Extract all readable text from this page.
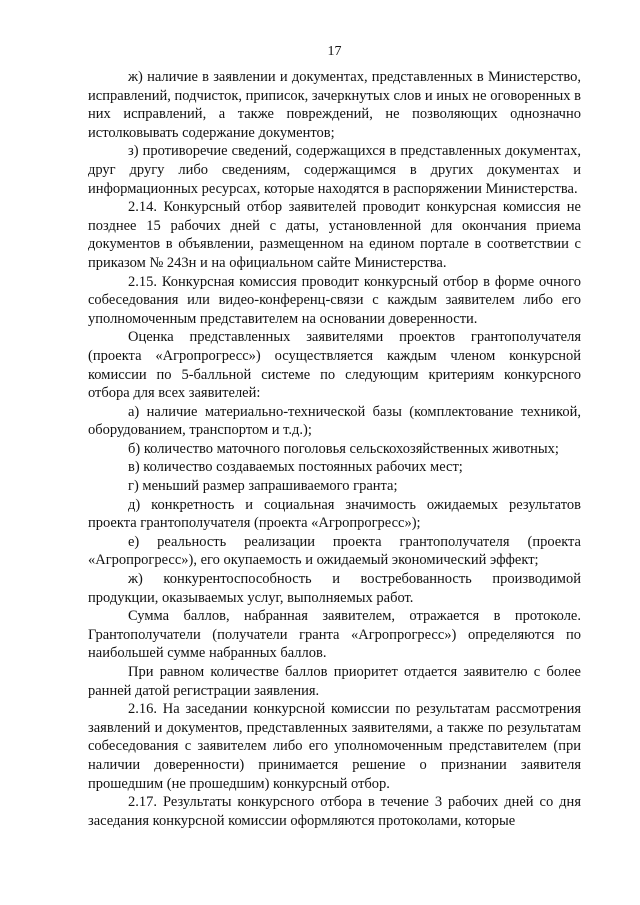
17

ж) наличие в заявлении и документах, представленных в Министерство, исправлений, подчисток, приписок, зачеркнутых слов и иных не оговоренных в них исправлений, а также повреждений, не позволяющих однозначно истолковывать содержание документов;

з) противоречие сведений, содержащихся в представленных документах, друг другу либо сведениям, содержащимся в других документах и информационных ресурсах, которые находятся в распоряжении Министерства.

2.14. Конкурсный отбор заявителей проводит конкурсная комиссия не позднее 15 рабочих дней с даты, установленной для окончания приема документов в объявлении, размещенном на едином портале в соответствии с приказом № 243н и на официальном сайте Министерства.

2.15. Конкурсная комиссия проводит конкурсный отбор в форме очного собеседования или видео-конференц-связи с каждым заявителем либо его уполномоченным представителем на основании доверенности.

Оценка представленных заявителями проектов грантополучателя (проекта «Агропрогресс») осуществляется каждым членом конкурсной комиссии по 5-балльной системе по следующим критериям конкурсного отбора для всех заявителей:

а) наличие материально-технической базы (комплектование техникой, оборудованием, транспортом и т.д.);

б) количество маточного поголовья сельскохозяйственных животных;

в) количество создаваемых постоянных рабочих мест;

г) меньший размер запрашиваемого гранта;

д) конкретность и социальная значимость ожидаемых результатов проекта грантополучателя (проекта «Агропрогресс»);

е) реальность реализации проекта грантополучателя (проекта «Агропрогресс»), его окупаемость и ожидаемый экономический эффект;

ж) конкурентоспособность и востребованность производимой продукции, оказываемых услуг, выполняемых работ.

Сумма баллов, набранная заявителем, отражается в протоколе. Грантополучатели (получатели гранта «Агропрогресс») определяются по наибольшей сумме набранных баллов.

При равном количестве баллов приоритет отдается заявителю с более ранней датой регистрации заявления.

2.16. На заседании конкурсной комиссии по результатам рассмотрения заявлений и документов, представленных заявителями, а также по результатам собеседования с заявителем либо его уполномоченным представителем (при наличии доверенности) принимается решение о признании заявителя прошедшим (не прошедшим) конкурсный отбор.

2.17. Результаты конкурсного отбора в течение 3 рабочих дней со дня заседания конкурсной комиссии оформляются протоколами, которые
